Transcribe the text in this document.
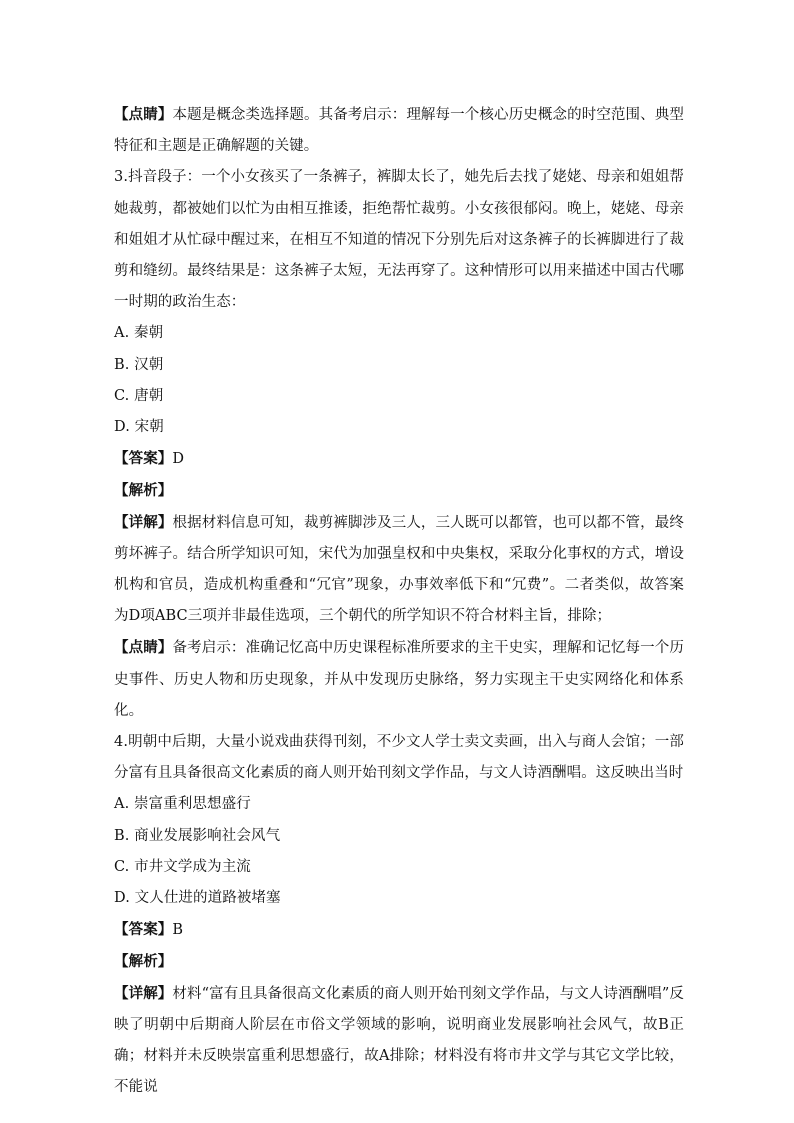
【点睛】本题是概念类选择题。其备考启示：理解每一个核心历史概念的时空范围、典型特征和主题是正确解题的关键。

3.抖音段子：一个小女孩买了一条裤子，裤脚太长了，她先后去找了姥姥、母亲和姐姐帮她裁剪，都被她们以忙为由相互推诿，拒绝帮忙裁剪。小女孩很郁闷。晚上，姥姥、母亲和姐姐才从忙碌中醒过来，在相互不知道的情况下分别先后对这条裤子的长裤脚进行了裁剪和缝纫。最终结果是：这条裤子太短，无法再穿了。这种情形可以用来描述中国古代哪一时期的政治生态：

A. 秦朝

B. 汉朝

C. 唐朝

D. 宋朝

【答案】D

【解析】

【详解】根据材料信息可知，裁剪裤脚涉及三人，三人既可以都管，也可以都不管，最终剪坏裤子。结合所学知识可知，宋代为加强皇权和中央集权，采取分化事权的方式，增设机构和官员，造成机构重叠和“冗官”现象，办事效率低下和“冗费”。二者类似，故答案为D项ABC三项并非最佳选项，三个朝代的所学知识不符合材料主旨，排除；

【点睛】备考启示：准确记忆高中历史课程标准所要求的主干史实，理解和记忆每一个历史事件、历史人物和历史现象，并从中发现历史脉络，努力实现主干史实网络化和体系化。

4.明朝中后期，大量小说戏曲获得刊刻，不少文人学士卖文卖画，出入与商人会馆；一部分富有且具备很高文化素质的商人则开始刊刻文学作品，与文人诗酒酬唱。这反映出当时

A. 崇富重利思想盛行

B. 商业发展影响社会风气

C. 市井文学成为主流

D. 文人仕进的道路被堵塞

【答案】B

【解析】

【详解】材料“富有且具备很高文化素质的商人则开始刊刻文学作品，与文人诗酒酬唱”反映了明朝中后期商人阶层在市俗文学领域的影响，说明商业发展影响社会风气，故B正确；材料并未反映崇富重利思想盛行，故A排除；材料没有将市井文学与其它文学比较，不能说
